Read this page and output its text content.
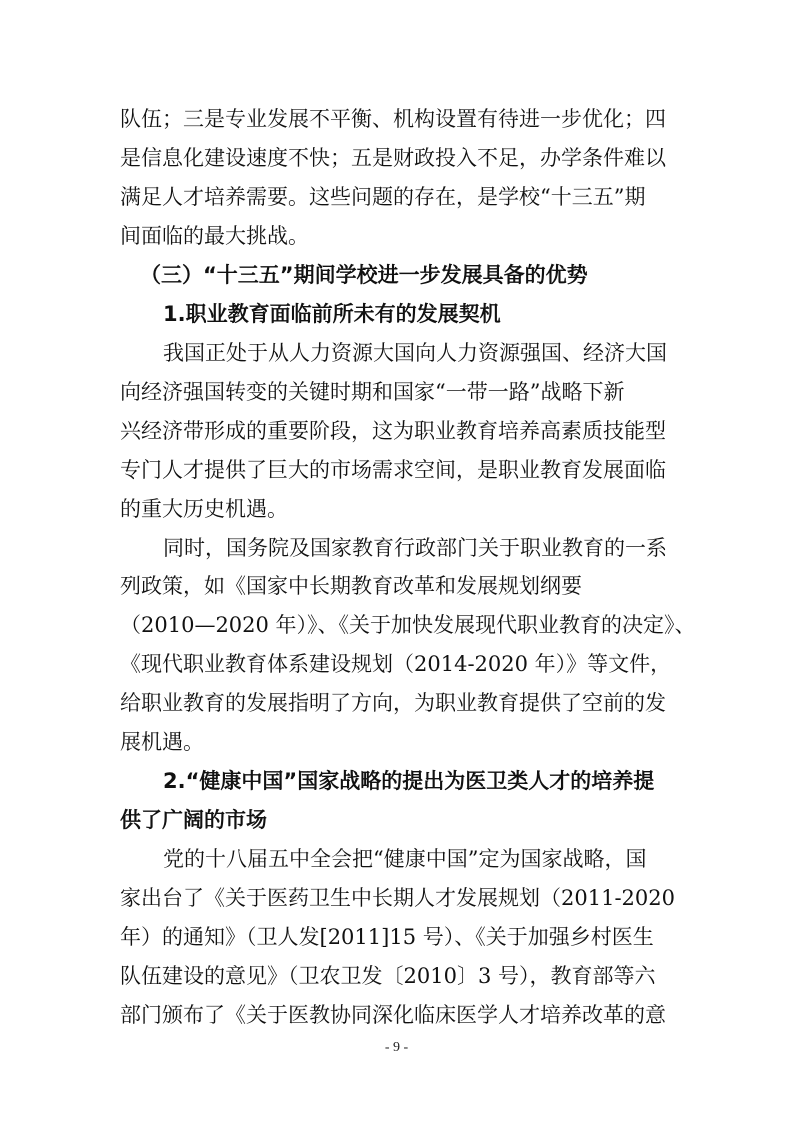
队伍；三是专业发展不平衡、机构设置有待进一步优化；四
是信息化建设速度不快；五是财政投入不足，办学条件难以
满足人才培养需要。这些问题的存在，是学校“十三五”期
间面临的最大挑战。
（三）“十三五”期间学校进一步发展具备的优势
1.职业教育面临前所未有的发展契机
我国正处于从人力资源大国向人力资源强国、经济大国
向经济强国转变的关键时期和国家“一带一路”战略下新
兴经济带形成的重要阶段，这为职业教育培养高素质技能型
专门人才提供了巨大的市场需求空间，是职业教育发展面临
的重大历史机遇。
同时，国务院及国家教育行政部门关于职业教育的一系
列政策，如《国家中长期教育改革和发展规划纲要
（2010—2020 年）》、《关于加快发展现代职业教育的决定》、
《现代职业教育体系建设规划（2014-2020 年）》等文件，
给职业教育的发展指明了方向，为职业教育提供了空前的发
展机遇。
2.“健康中国”国家战略的提出为医卫类人才的培养提
供了广阔的市场
党的十八届五中全会把“健康中国”定为国家战略，国
家出台了《关于医药卫生中长期人才发展规划（2011-2020
年）的通知》（卫人发[2011]15 号）、《关于加强乡村医生
队伍建设的意见》（卫农卫发〔2010〕3 号），教育部等六
部门颁布了《关于医教协同深化临床医学人才培养改革的意
- 9 -
